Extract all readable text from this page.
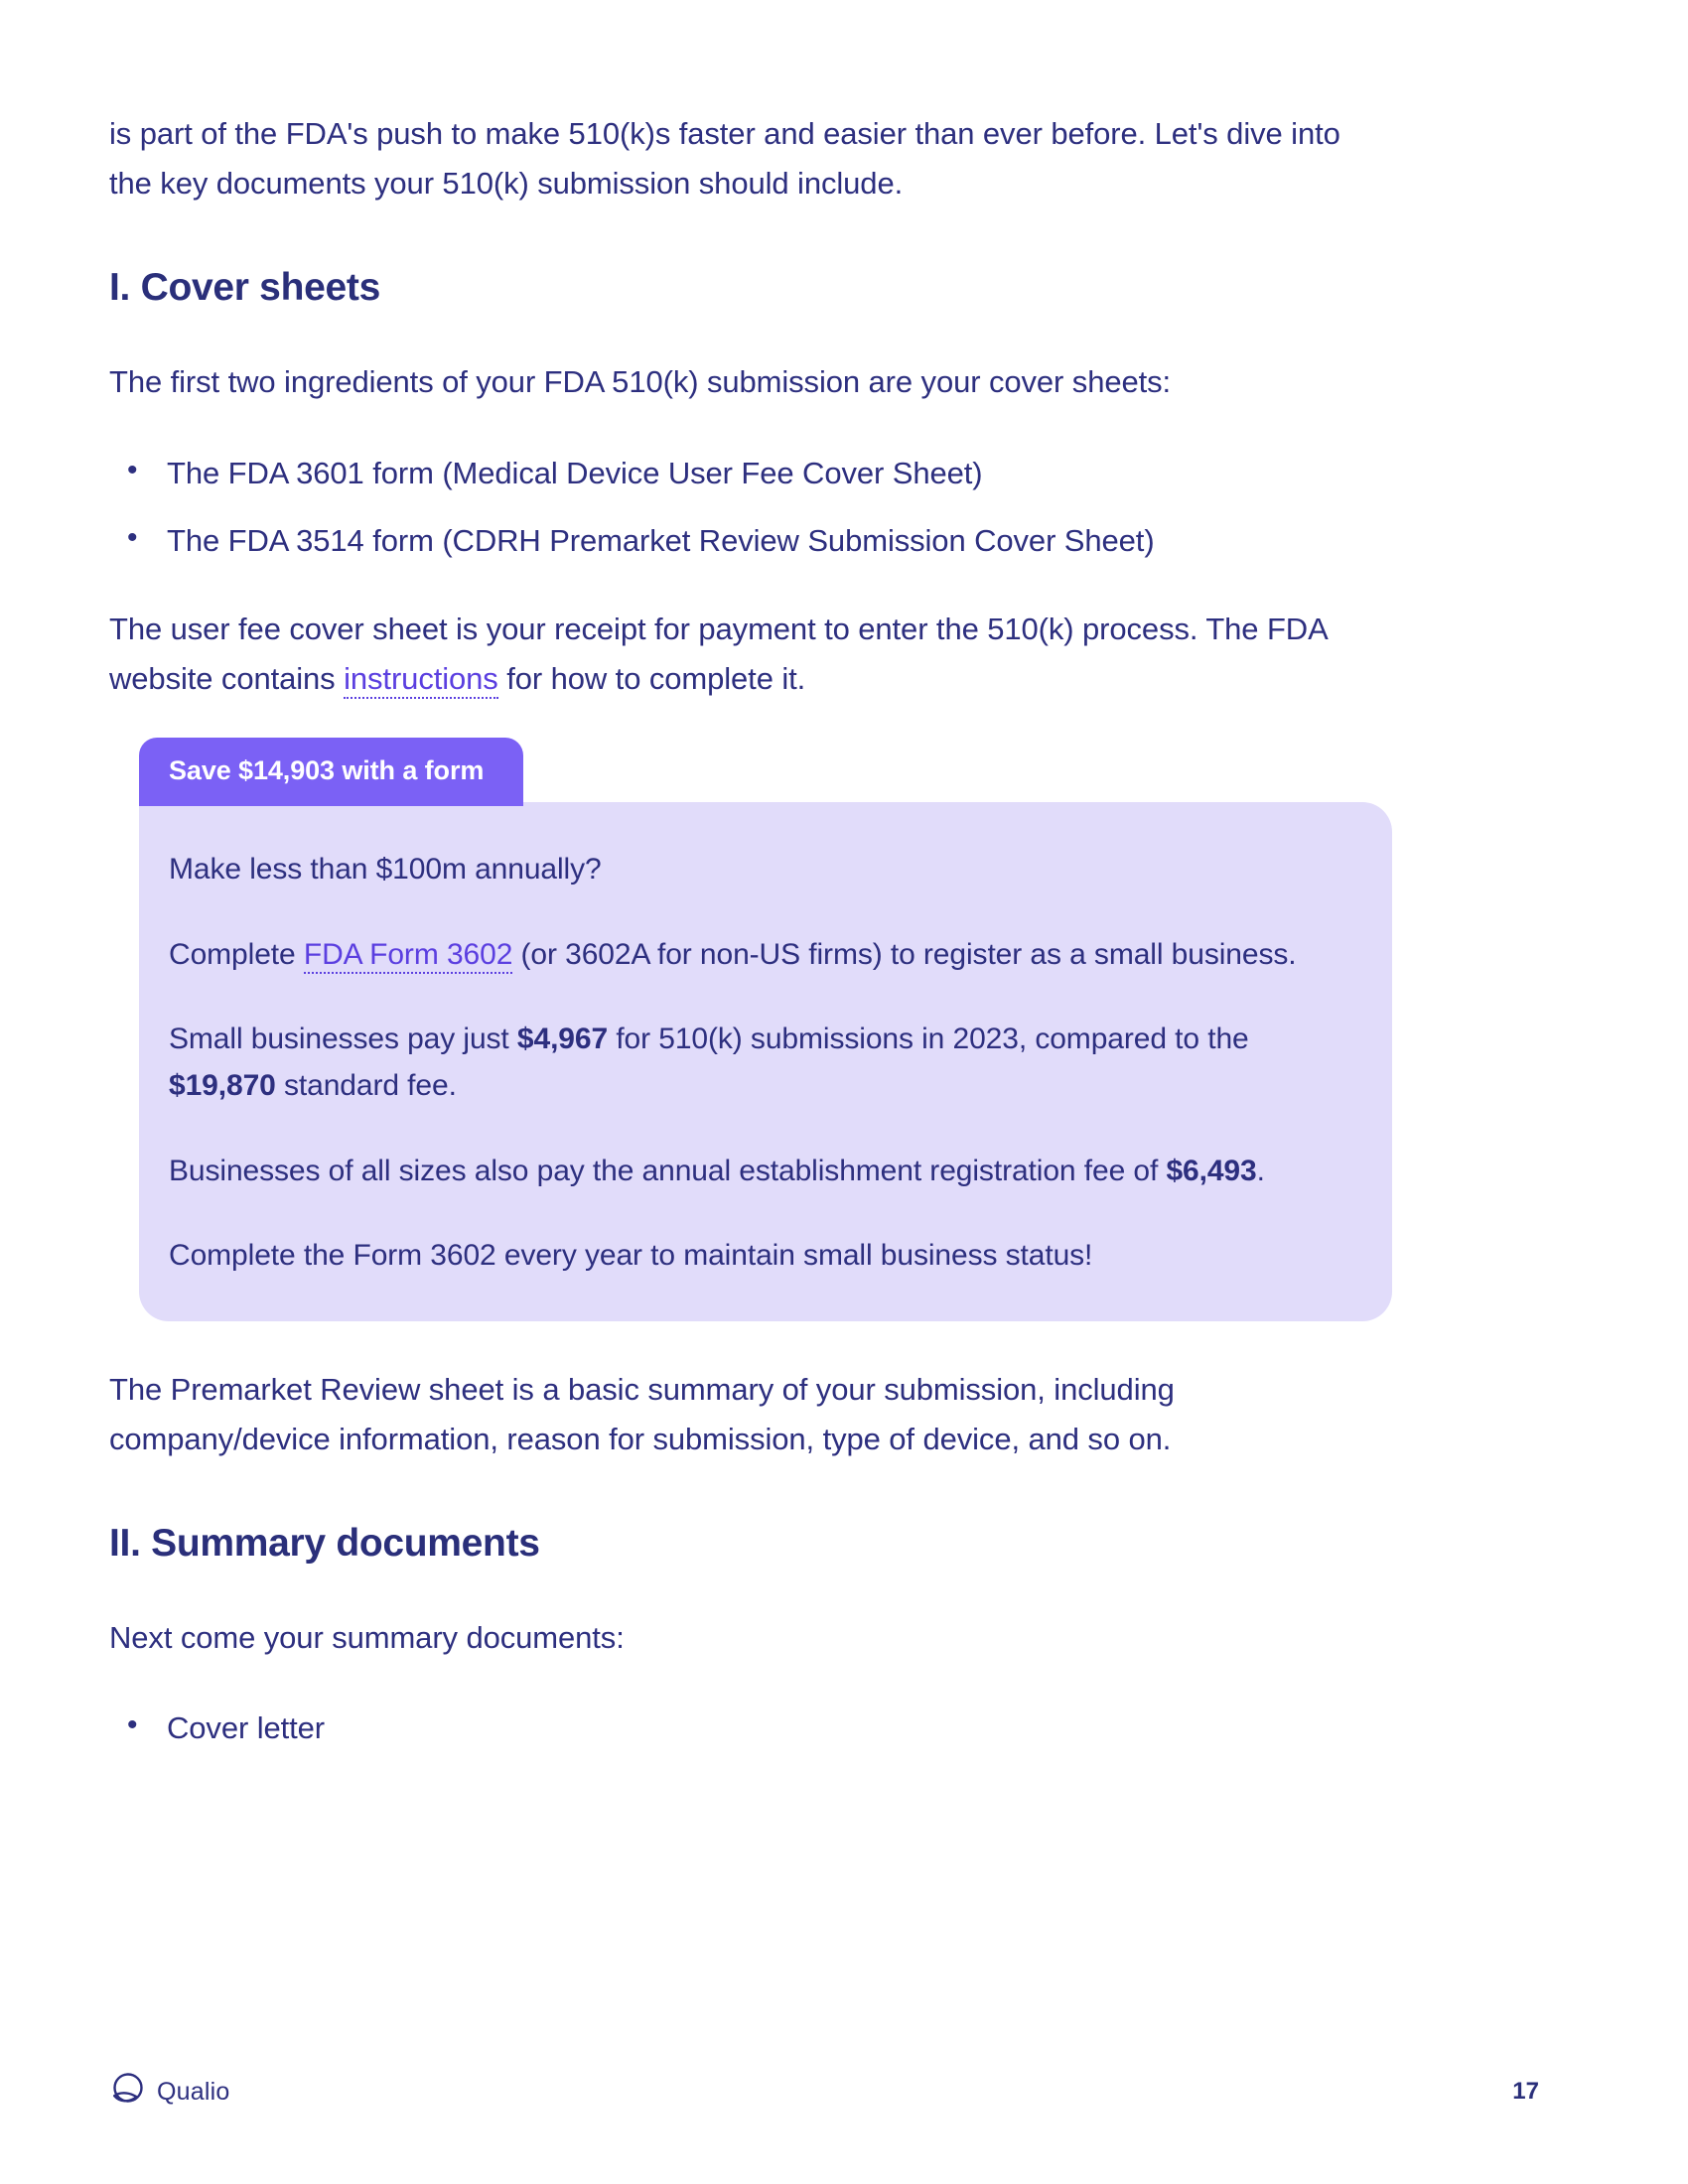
is part of the FDA's push to make 510(k)s faster and easier than ever before. Let's dive into the key documents your 510(k) submission should include.

I. Cover sheets

The first two ingredients of your FDA 510(k) submission are your cover sheets:

• The FDA 3601 form (Medical Device User Fee Cover Sheet)
• The FDA 3514 form (CDRH Premarket Review Submission Cover Sheet)

The user fee cover sheet is your receipt for payment to enter the 510(k) process. The FDA website contains instructions for how to complete it.

Save $14,903 with a form

Make less than $100m annually?

Complete FDA Form 3602 (or 3602A for non-US firms) to register as a small business.

Small businesses pay just $4,967 for 510(k) submissions in 2023, compared to the $19,870 standard fee.

Businesses of all sizes also pay the annual establishment registration fee of $6,493.

Complete the Form 3602 every year to maintain small business status!

The Premarket Review sheet is a basic summary of your submission, including company/device information, reason for submission, type of device, and so on.

II. Summary documents

Next come your summary documents:

• Cover letter
Qualio	17
